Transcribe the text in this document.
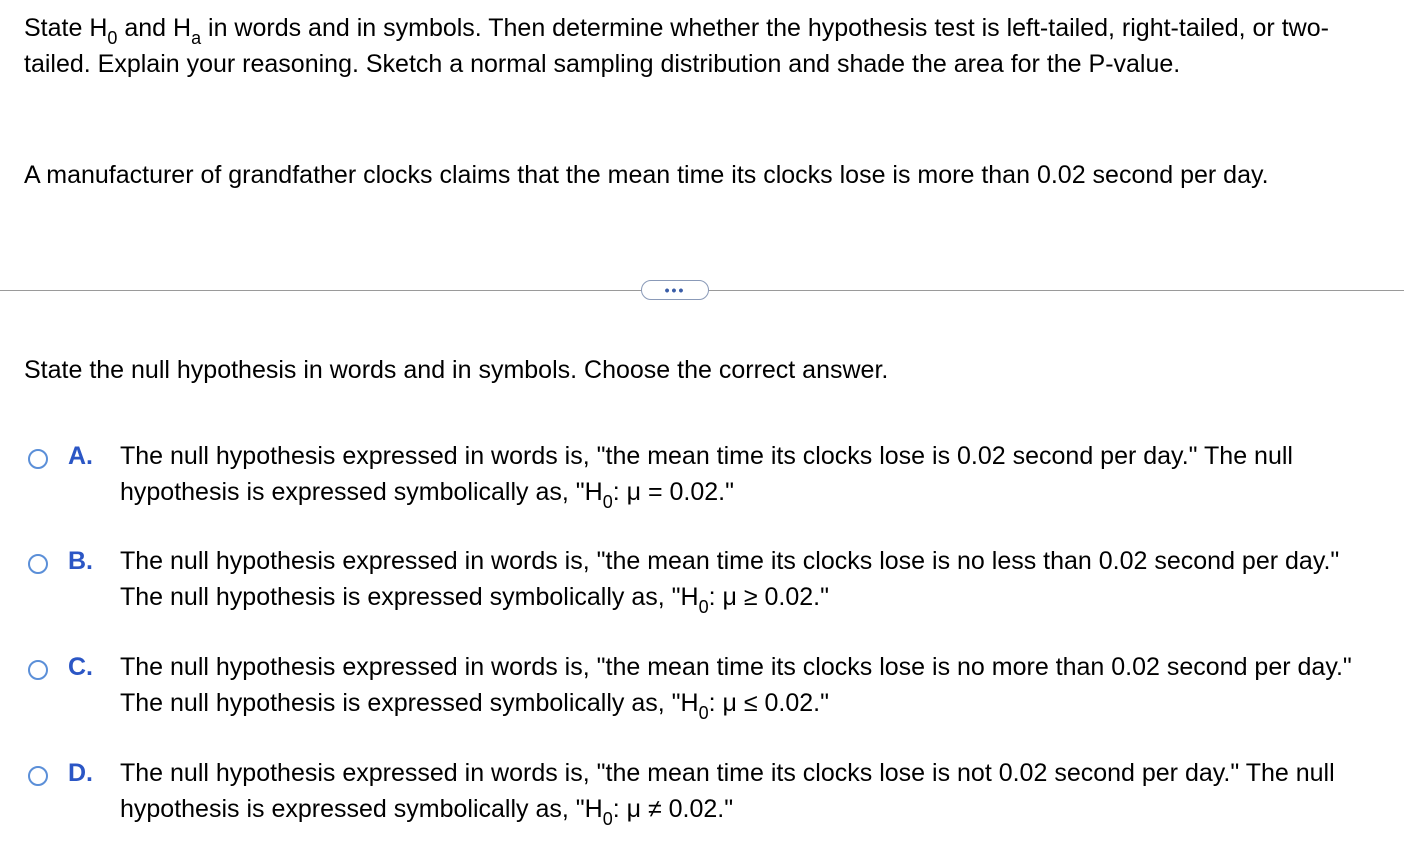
State $H_0$ and $H_a$ in words and in symbols. Then determine whether the hypothesis test is left-tailed, right-tailed, or two-tailed. Explain your reasoning. Sketch a normal sampling distribution and shade the area for the P-value.

A manufacturer of grandfather clocks claims that the mean time its clocks lose is more than 0.02 second per day.

•••

State the null hypothesis in words and in symbols. Choose the correct answer.

A. The null hypothesis expressed in words is, "the mean time its clocks lose is 0.02 second per day." The null hypothesis is expressed symbolically as, "$H_0$: μ = 0.02."
B. The null hypothesis expressed in words is, "the mean time its clocks lose is no less than 0.02 second per day." The null hypothesis is expressed symbolically as, "$H_0$: μ ≥ 0.02."
C. The null hypothesis expressed in words is, "the mean time its clocks lose is no more than 0.02 second per day." The null hypothesis is expressed symbolically as, "$H_0$: μ ≤ 0.02."
D. The null hypothesis expressed in words is, "the mean time its clocks lose is not 0.02 second per day." The null hypothesis is expressed symbolically as, "$H_0$: μ ≠ 0.02."
